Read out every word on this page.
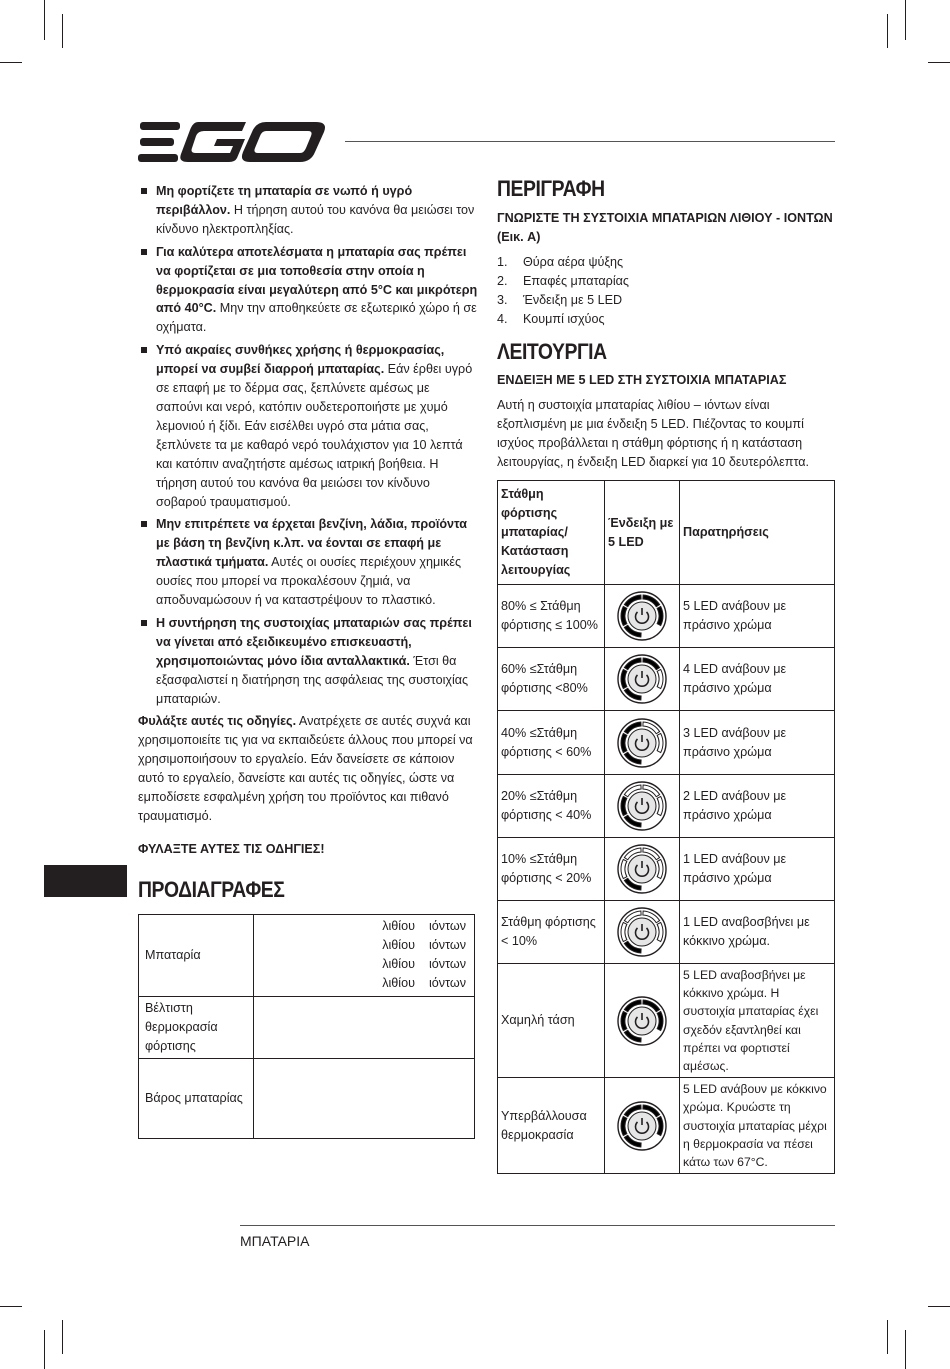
Μη φορτίζετε τη μπαταρία σε νωπό ή υγρό περιβάλλον. Η τήρηση αυτού του κανόνα θα μειώσει τον κίνδυνο ηλεκτροπληξίας.
Για καλύτερα αποτελέσματα η μπαταρία σας πρέπει να φορτίζεται σε μια τοποθεσία στην οποία η θερμοκρασία είναι μεγαλύτερη από 5°C και μικρότερη από 40°C. Μην την αποθηκεύετε σε εξωτερικό χώρο ή σε οχήματα.
Υπό ακραίες συνθήκες χρήσης ή θερμοκρασίας, μπορεί να συμβεί διαρροή μπαταρίας. Εάν έρθει υγρό σε επαφή με το δέρμα σας, ξεπλύνετε αμέσως με σαπούνι και νερό, κατόπιν ουδετεροποιήστε με χυμό λεμονιού ή ξίδι. Εάν εισέλθει υγρό στα μάτια σας, ξεπλύνετε τα με καθαρό νερό τουλάχιστον για 10 λεπτά και κατόπιν αναζητήστε αμέσως ιατρική βοήθεια. Η τήρηση αυτού του κανόνα θα μειώσει τον κίνδυνο σοβαρού τραυματισμού.
Μην επιτρέπετε να έρχεται βενζίνη, λάδια, προϊόντα με βάση τη βενζίνη κ.λπ. να έονται σε επαφή με πλαστικά τμήματα. Αυτές οι ουσίες περιέχουν χημικές ουσίες που μπορεί να προκαλέσουν ζημιά, να αποδυναμώσουν ή να καταστρέψουν το πλαστικό.
Η συντήρηση της συστοιχίας μπαταριών σας πρέπει να γίνεται από εξειδικευμένο επισκευαστή, χρησιμοποιώντας μόνο ίδια ανταλλακτικά. Έτσι θα εξασφαλιστεί η διατήρηση της ασφάλειας της συστοιχίας μπαταριών.

Φυλάξτε αυτές τις οδηγίες. Ανατρέχετε σε αυτές συχνά και χρησιμοποιείτε τις για να εκπαιδεύετε άλλους που μπορεί να χρησιμοποιήσουν το εργαλείο. Εάν δανείσετε σε κάποιον αυτό το εργαλείο, δανείστε και αυτές τις οδηγίες, ώστε να εμποδίσετε εσφαλμένη χρήση του προϊόντος και πιθανό τραυματισμό.

ΦΥΛΑΞΤΕ ΑΥΤΕΣ ΤΙΣ ΟΔΗΓΙΕΣ!
ΠΡΟΔΙΑΓΡΑΦΕΣ
Μπαταρία	λιθίου    ιόντων
λιθίου    ιόντων
λιθίου    ιόντων
λιθίου    ιόντων

Βέλτιστη θερμοκρασία φόρτισης	
Βάρος μπαταρίας	
ΠΕΡΙΓΡΑΦΗ
ΓΝΩΡΙΣΤΕ ΤΗ ΣΥΣΤΟΙΧΙΑ ΜΠΑΤΑΡΙΩΝ ΛΙΘΙΟΥ - ΙΟΝΤΩΝ (Εικ. A)
1.	Θύρα αέρα ψύξης
2.	Επαφές μπαταρίας
3.	Ένδειξη με 5 LED
4.	Κουμπί ισχύος
ΛΕΙΤΟΥΡΓΙΑ
ΕΝΔΕΙΞΗ ΜΕ 5 LED ΣΤΗ ΣΥΣΤΟΙΧΙΑ ΜΠΑΤΑΡΙΑΣ

Αυτή η συστοιχία μπαταρίας λιθίου – ιόντων είναι εξοπλισμένη με μια ένδειξη 5 LED. Πιέζοντας το κουμπί ισχύος προβάλλεται η στάθμη φόρτισης ή η κατάσταση λειτουργίας, η ένδειξη LED διαρκεί για 10 δευτερόλεπτα.

Στάθμη φόρτισης μπαταρίας/ Κατάσταση λειτουργίας	Ένδειξη με 5 LED	Παρατηρήσεις
80% ≤ Στάθμη φόρτισης ≤ 100%		5 LED ανάβουν με πράσινο χρώμα
60% ≤Στάθμη φόρτισης <80%		4 LED ανάβουν με πράσινο χρώμα
40% ≤Στάθμη φόρτισης < 60%		3 LED ανάβουν με πράσινο χρώμα
20% ≤Στάθμη φόρτισης < 40%		2 LED ανάβουν με πράσινο χρώμα
10% ≤Στάθμη φόρτισης < 20%		1 LED ανάβουν με πράσινο χρώμα
Στάθμη φόρτισης < 10%		1 LED αναβοσβήνει με κόκκινο χρώμα.
Χαμηλή τάση		5 LED αναβοσβήνει με κόκκινο χρώμα. Η συστοιχία μπαταρίας έχει σχεδόν εξαντληθεί και πρέπει να φορτιστεί αμέσως.
Υπερβάλλουσα θερμοκρασία		5 LED ανάβουν με κόκκινο χρώμα. Κρυώστε τη συστοιχία μπαταρίας μέχρι η θερμοκρασία να πέσει κάτω των 67°C.
ΜΠΑΤΑΡΙΑ
